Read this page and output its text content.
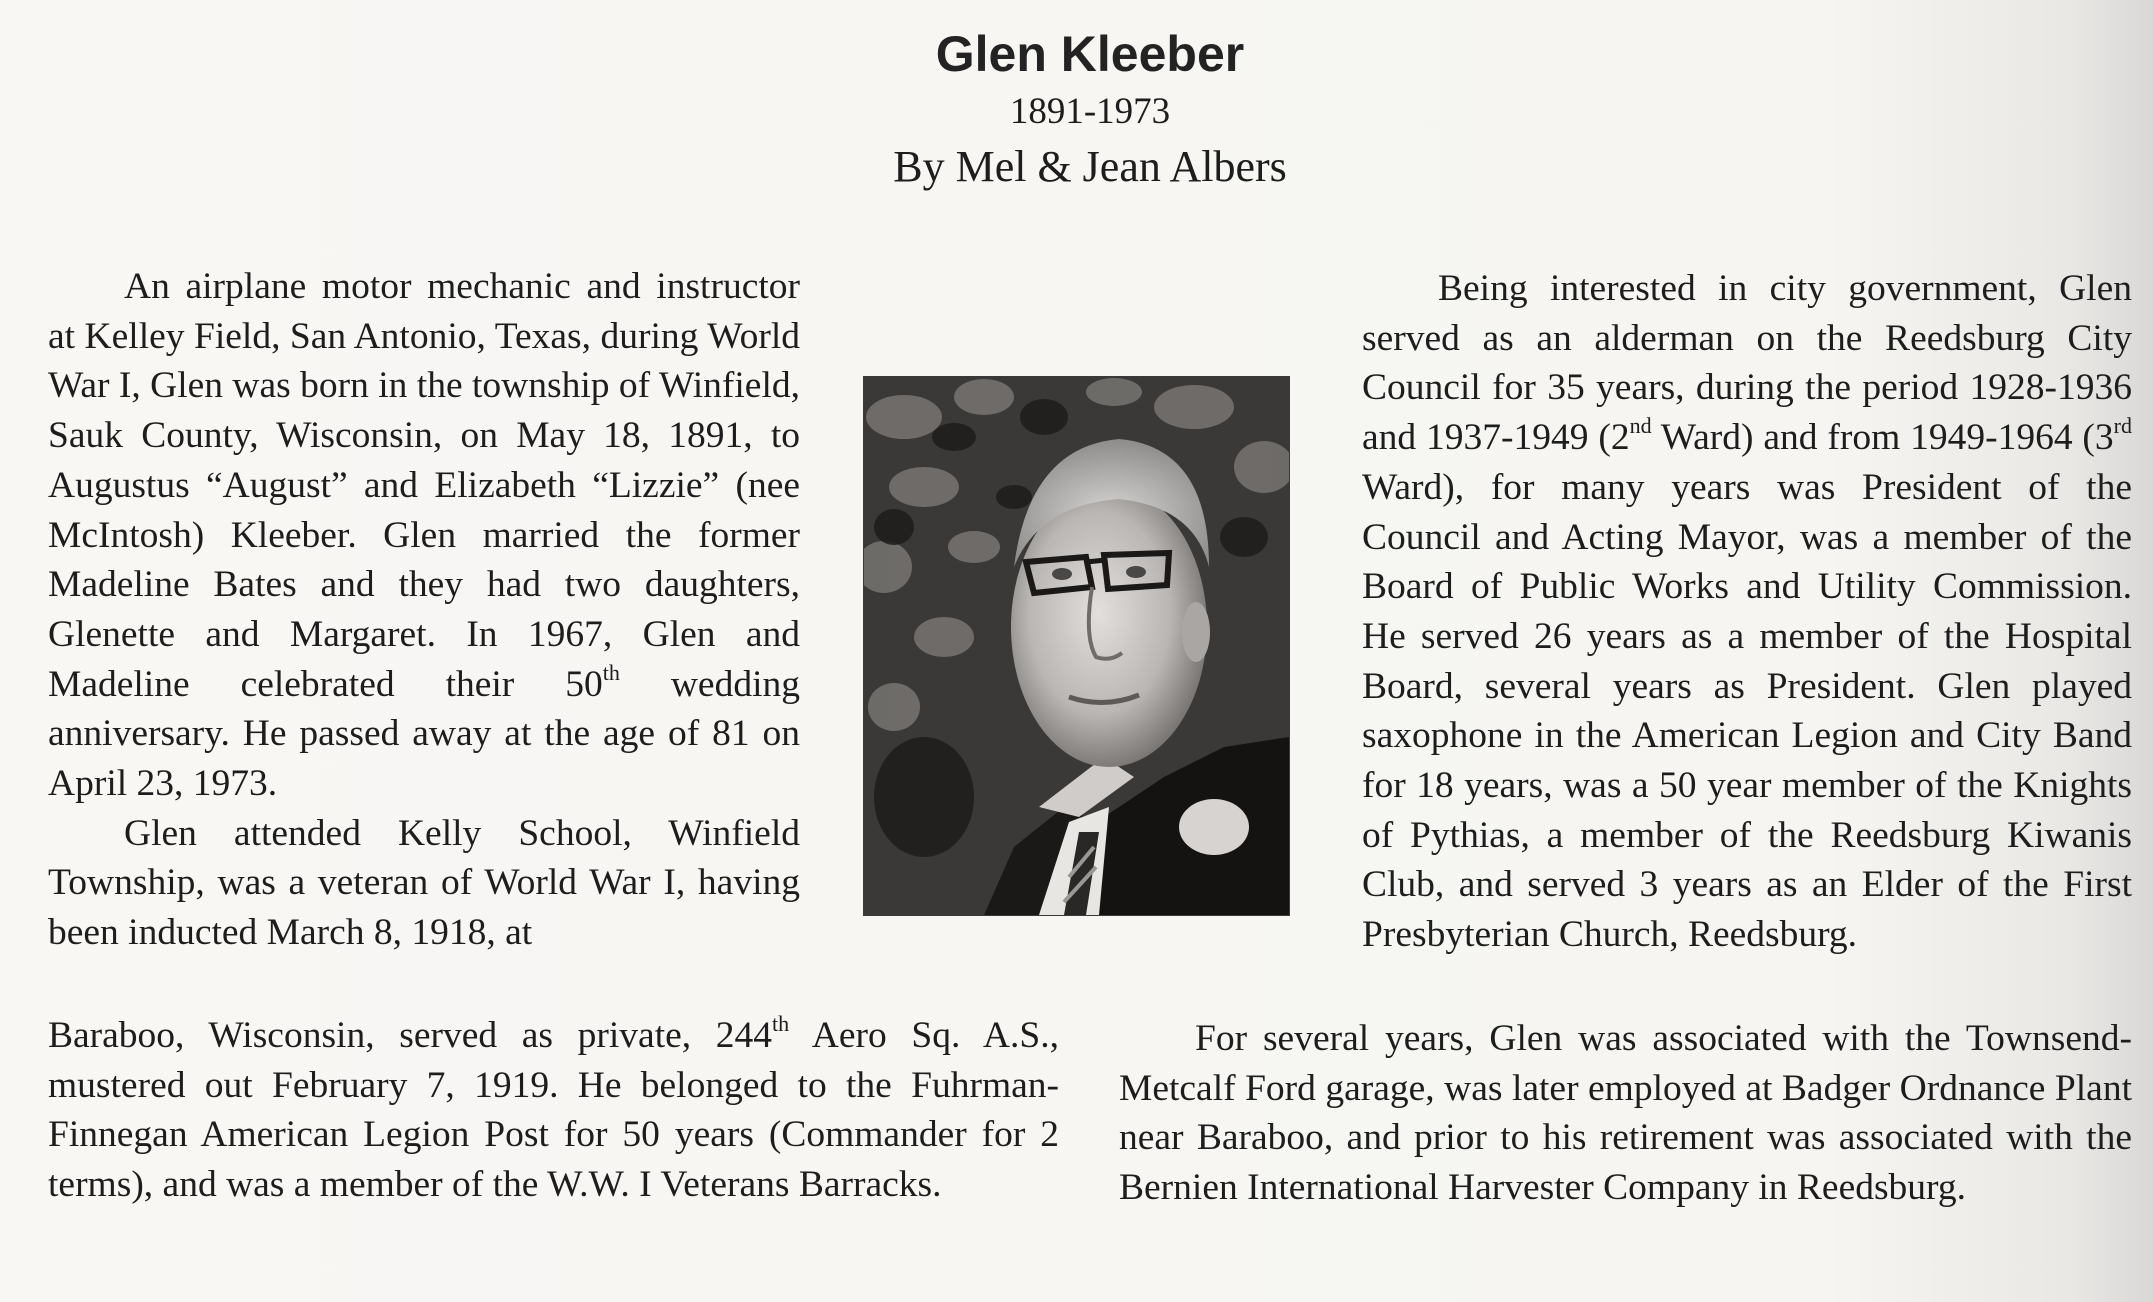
Glen Kleeber
1891-1973
By Mel & Jean Albers

An airplane motor mechanic and instructor at Kelley Field, San Antonio, Texas, during World War I, Glen was born in the township of Winfield, Sauk County, Wisconsin, on May 18, 1891, to Augustus “August” and Elizabeth “Lizzie” (nee McIntosh) Kleeber. Glen married the former Madeline Bates and they had two daughters, Glenette and Margaret. In 1967, Glen and Madeline celebrated their 50th wedding anniversary. He passed away at the age of 81 on April 23, 1973.

Glen attended Kelly School, Winfield Township, was a veteran of World War I, having been inducted March 8, 1918, at

Baraboo, Wisconsin, served as private, 244th Aero Sq. A.S., mustered out February 7, 1919. He belonged to the Fuhrman-Finnegan American Legion Post for 50 years (Commander for 2 terms), and was a member of the W.W. I Veterans Barracks.

Being interested in city government, Glen served as an alderman on the Reedsburg City Council for 35 years, during the period 1928-1936 and 1937-1949 (2nd Ward) and from 1949-1964 (3rd Ward), for many years was President of the Council and Acting Mayor, was a member of the Board of Public Works and Utility Commission. He served 26 years as a member of the Hospital Board, several years as President. Glen played saxophone in the American Legion and City Band for 18 years, was a 50 year member of the Knights of Pythias, a member of the Reedsburg Kiwanis Club, and served 3 years as an Elder of the First Presbyterian Church, Reedsburg.

For several years, Glen was associated with the Townsend-Metcalf Ford garage, was later employed at Badger Ordnance Plant near Baraboo, and prior to his retirement was associated with the Bernien International Harvester Company in Reedsburg.
